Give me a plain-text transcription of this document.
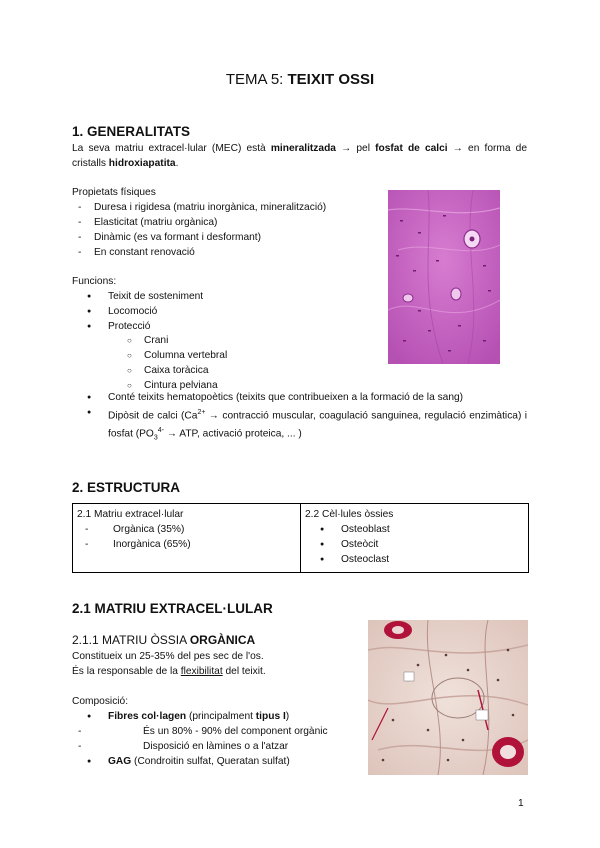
TEMA 5: TEIXIT OSSI
1. GENERALITATS
La seva matriu extracel·lular (MEC) està mineralitzada → pel fosfat de calci → en forma de cristalls hidroxiapatita.
Propietats físiques
- Duresa i rigidesa (matriu inorgànica, mineralització)
- Elasticitat (matriu orgànica)
- Dinàmic (es va formant i desformant)
- En constant renovació
Funcions:
● Teixit de sosteniment
● Locomoció
● Protecció
○ Crani
○ Columna vertebral
○ Caixa toràcica
○ Cintura pelviana
● Conté teixits hematopoètics (teixits que contribueixen a la formació de la sang)
● Dipòsit de calci ($Ca^{2+}$ → contracció muscular, coagulació sanguinea, regulació enzimàtica) i fosfat ($PO_3^{4-}$ → ATP, activació proteica, ... )
2. ESTRUCTURA
2.1 Matriu extracel·lular
- Orgànica (35%)
- Inorgànica (65%)
2.2 Cèl·lules òssies
● Osteoblast
● Osteòcit
● Osteoclast
2.1 MATRIU EXTRACEL·LULAR
2.1.1 MATRIU ÒSSIA ORGÀNICA
Constitueix un 25-35% del pes sec de l'os.
És la responsable de la flexibilitat del teixit.
Composició:
● Fibres col·lagen (principalment tipus I)
- És un 80% - 90% del component orgànic
- Disposició en làmines o a l'atzar
● GAG (Condroitin sulfat, Queratan sulfat)
1
